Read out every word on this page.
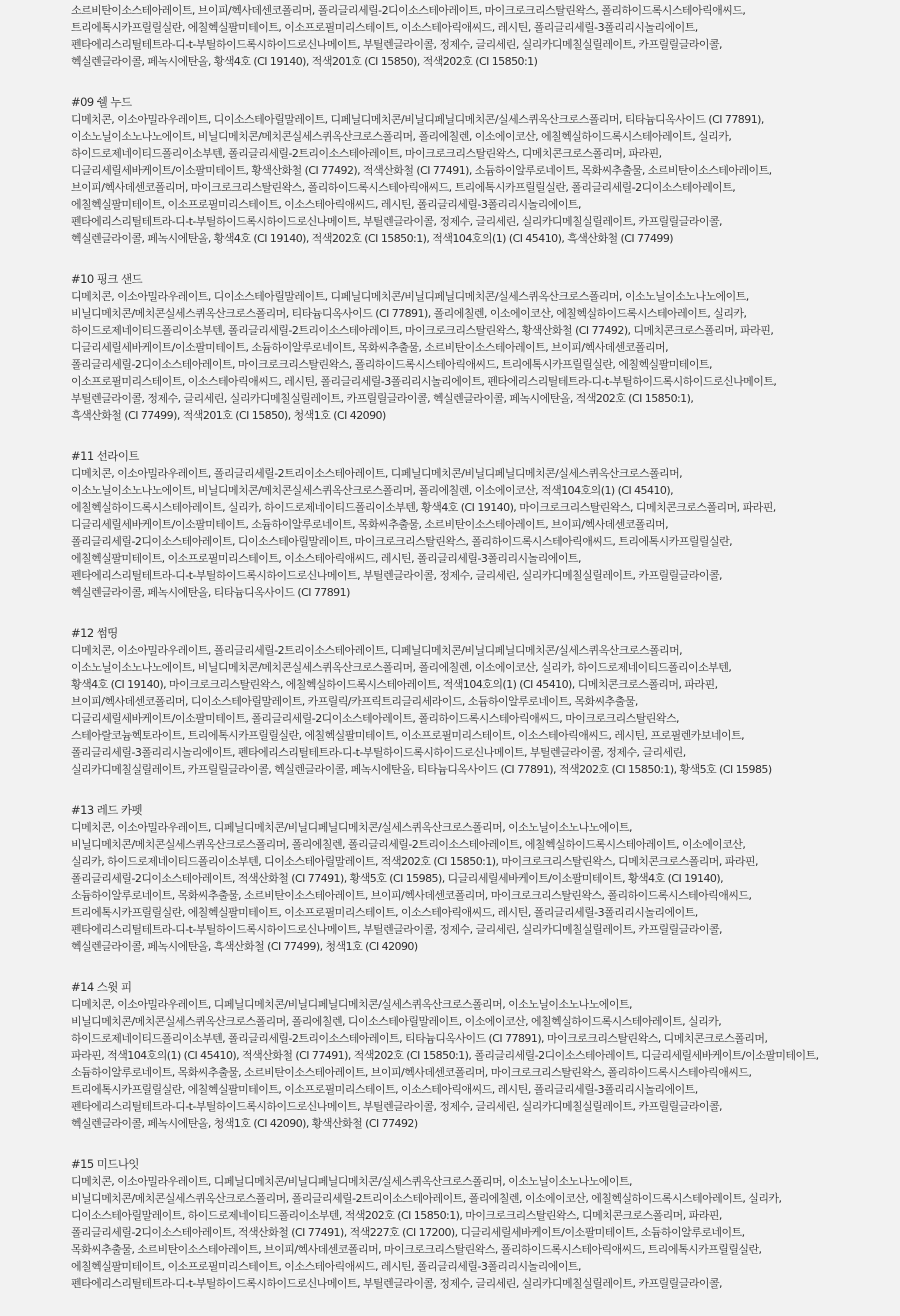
소르비탄이소스테아레이트, 브이피/헥사데센코폴리머, 폴리글리세릴-2디이소스테아레이트, 마이크로크리스탈린왁스, 폴리하이드록시스테아릭애씨드,
트리에톡시카프릴릴실란, 에칠헥실팔미테이트, 이소프로필미리스테이트, 이소스테아릭애씨드, 레시틴, 폴리글리세릴-3폴리리시놀리에이트,
펜타에리스리틸테트라-디-t-부틸하이드록시하이드로신나메이트, 부틸렌글라이콜, 정제수, 글리세린, 실리카디메칠실릴레이트, 카프릴릴글라이콜,
헥실렌글라이콜, 페녹시에탄올, 황색4호 (CI 19140), 적색201호 (CI 15850), 적색202호 (CI 15850:1)
#09 쉘 누드
디메치콘, 이소아밀라우레이트, 디이소스테아릴말레이트, 디페닐디메치콘/비닐디페닐디메치콘/실세스퀴옥산크로스폴리머, 티타늄디옥사이드 (CI 77891),
이소노닐이소노나노에이트, 비닐디메치콘/메치콘실세스퀴옥산크로스폴리머, 폴리에칠렌, 이소에이코산, 에칠헥실하이드록시스테아레이트, 실리카,
하이드로제네이티드폴리이소부텐, 폴리글리세릴-2트리이소스테아레이트, 마이크로크리스탈린왁스, 디메치콘크로스폴리머, 파라핀,
디글리세릴세바케이트/이소팔미테이트, 황색산화철 (CI 77492), 적색산화철 (CI 77491), 소듐하이알루로네이트, 목화씨추출물, 소르비탄이소스테아레이트,
브이피/헥사데센코폴리머, 마이크로크리스탈린왁스, 폴리하이드록시스테아릭애씨드, 트리에톡시카프릴릴실란, 폴리글리세릴-2디이소스테아레이트,
에칠헥실팔미테이트, 이소프로필미리스테이트, 이소스테아릭애씨드, 레시틴, 폴리글리세릴-3폴리리시놀리에이트,
펜타에리스리틸테트라-디-t-부틸하이드록시하이드로신나메이트, 부틸렌글라이콜, 정제수, 글리세린, 실리카디메칠실릴레이트, 카프릴릴글라이콜,
헥실렌글라이콜, 페녹시에탄올, 황색4호 (CI 19140), 적색202호 (CI 15850:1), 적색104호의(1) (CI 45410), 흑색산화철 (CI 77499)
#10 핑크 샌드
디메치콘, 이소아밀라우레이트, 디이소스테아릴말레이트, 디페닐디메치콘/비닐디페닐디메치콘/실세스퀴옥산크로스폴리머, 이소노닐이소노나노에이트,
비닐디메치콘/메치콘실세스퀴옥산크로스폴리머, 티타늄디옥사이드 (CI 77891), 폴리에칠렌, 이소에이코산, 에칠헥실하이드록시스테아레이트, 실리카,
하이드로제네이티드폴리이소부텐, 폴리글리세릴-2트리이소스테아레이트, 마이크로크리스탈린왁스, 황색산화철 (CI 77492), 디메치콘크로스폴리머, 파라핀,
디글리세릴세바케이트/이소팔미테이트, 소듐하이알루로네이트, 목화씨추출물, 소르비탄이소스테아레이트, 브이피/헥사데센코폴리머,
폴리글리세릴-2디이소스테아레이트, 마이크로크리스탈린왁스, 폴리하이드록시스테아릭애씨드, 트리에톡시카프릴릴실란, 에칠헥실팔미테이트,
이소프로필미리스테이트, 이소스테아릭애씨드, 레시틴, 폴리글리세릴-3폴리리시놀리에이트, 펜타에리스리틸테트라-디-t-부틸하이드록시하이드로신나메이트,
부틸렌글라이콜, 정제수, 글리세린, 실리카디메칠실릴레이트, 카프릴릴글라이콜, 헥실렌글라이콜, 페녹시에탄올, 적색202호 (CI 15850:1),
흑색산화철 (CI 77499), 적색201호 (CI 15850), 청색1호 (CI 42090)
#11 선라이트
디메치콘, 이소아밀라우레이트, 폴리글리세릴-2트리이소스테아레이트, 디페닐디메치콘/비닐디페닐디메치콘/실세스퀴옥산크로스폴리머,
이소노닐이소노나노에이트, 비닐디메치콘/메치콘실세스퀴옥산크로스폴리머, 폴리에칠렌, 이소에이코산, 적색104호의(1) (CI 45410),
에칠헥실하이드록시스테아레이트, 실리카, 하이드로제네이티드폴리이소부텐, 황색4호 (CI 19140), 마이크로크리스탈린왁스, 디메치콘크로스폴리머, 파라핀,
디글리세릴세바케이트/이소팔미테이트, 소듐하이알루로네이트, 목화씨추출물, 소르비탄이소스테아레이트, 브이피/헥사데센코폴리머,
폴리글리세릴-2디이소스테아레이트, 디이소스테아릴말레이트, 마이크로크리스탈린왁스, 폴리하이드록시스테아릭애씨드, 트리에톡시카프릴릴실란,
에칠헥실팔미테이트, 이소프로필미리스테이트, 이소스테아릭애씨드, 레시틴, 폴리글리세릴-3폴리리시놀리에이트,
펜타에리스리틸테트라-디-t-부틸하이드록시하이드로신나메이트, 부틸렌글라이콜, 정제수, 글리세린, 실리카디메칠실릴레이트, 카프릴릴글라이콜,
헥실렌글라이콜, 페녹시에탄올, 티타늄디옥사이드 (CI 77891)
#12 썸띵
디메치콘, 이소아밀라우레이트, 폴리글리세릴-2트리이소스테아레이트, 디페닐디메치콘/비닐디페닐디메치콘/실세스퀴옥산크로스폴리머,
이소노닐이소노나노에이트, 비닐디메치콘/메치콘실세스퀴옥산크로스폴리머, 폴리에칠렌, 이소에이코산, 실리카, 하이드로제네이티드폴리이소부텐,
황색4호 (CI 19140), 마이크로크리스탈린왁스, 에칠헥실하이드록시스테아레이트, 적색104호의(1) (CI 45410), 디메치콘크로스폴리머, 파라핀,
브이피/헥사데센코폴리머, 디이소스테아릴말레이트, 카프릴릭/카프릭트리글리세라이드, 소듐하이알루로네이트, 목화씨추출물,
디글리세릴세바케이트/이소팔미테이트, 폴리글리세릴-2디이소스테아레이트, 폴리하이드록시스테아릭애씨드, 마이크로크리스탈린왁스,
스테아랄코늄헥토라이트, 트리에톡시카프릴릴실란, 에칠헥실팔미테이트, 이소프로필미리스테이트, 이소스테아릭애씨드, 레시틴, 프로필렌카보네이트,
폴리글리세릴-3폴리리시놀리에이트, 펜타에리스리틸테트라-디-t-부틸하이드록시하이드로신나메이트, 부틸렌글라이콜, 정제수, 글리세린,
실리카디메칠실릴레이트, 카프릴릴글라이콜, 헥실렌글라이콜, 페녹시에탄올, 티타늄디옥사이드 (CI 77891), 적색202호 (CI 15850:1), 황색5호 (CI 15985)
#13 레드 카펫
디메치콘, 이소아밀라우레이트, 디페닐디메치콘/비닐디페닐디메치콘/실세스퀴옥산크로스폴리머, 이소노닐이소노나노에이트,
비닐디메치콘/메치콘실세스퀴옥산크로스폴리머, 폴리에칠렌, 폴리글리세릴-2트리이소스테아레이트, 에칠헥실하이드록시스테아레이트, 이소에이코산,
실리카, 하이드로제네이티드폴리이소부텐, 디이소스테아릴말레이트, 적색202호 (CI 15850:1), 마이크로크리스탈린왁스, 디메치콘크로스폴리머, 파라핀,
폴리글리세릴-2디이소스테아레이트, 적색산화철 (CI 77491), 황색5호 (CI 15985), 디글리세릴세바케이트/이소팔미테이트, 황색4호 (CI 19140),
소듐하이알루로네이트, 목화씨추출물, 소르비탄이소스테아레이트, 브이피/헥사데센코폴리머, 마이크로크리스탈린왁스, 폴리하이드록시스테아릭애씨드,
트리에톡시카프릴릴실란, 에칠헥실팔미테이트, 이소프로필미리스테이트, 이소스테아릭애씨드, 레시틴, 폴리글리세릴-3폴리리시놀리에이트,
펜타에리스리틸테트라-디-t-부틸하이드록시하이드로신나메이트, 부틸렌글라이콜, 정제수, 글리세린, 실리카디메칠실릴레이트, 카프릴릴글라이콜,
헥실렌글라이콜, 페녹시에탄올, 흑색산화철 (CI 77499), 청색1호 (CI 42090)
#14 스윗 피
디메치콘, 이소아밀라우레이트, 디페닐디메치콘/비닐디페닐디메치콘/실세스퀴옥산크로스폴리머, 이소노닐이소노나노에이트,
비닐디메치콘/메치콘실세스퀴옥산크로스폴리머, 폴리에칠렌, 디이소스테아릴말레이트, 이소에이코산, 에칠헥실하이드록시스테아레이트, 실리카,
하이드로제네이티드폴리이소부텐, 폴리글리세릴-2트리이소스테아레이트, 티타늄디옥사이드 (CI 77891), 마이크로크리스탈린왁스, 디메치콘크로스폴리머,
파라핀, 적색104호의(1) (CI 45410), 적색산화철 (CI 77491), 적색202호 (CI 15850:1), 폴리글리세릴-2디이소스테아레이트, 디글리세릴세바케이트/이소팔미테이트,
소듐하이알루로네이트, 목화씨추출물, 소르비탄이소스테아레이트, 브이피/헥사데센코폴리머, 마이크로크리스탈린왁스, 폴리하이드록시스테아릭애씨드,
트리에톡시카프릴릴실란, 에칠헥실팔미테이트, 이소프로필미리스테이트, 이소스테아릭애씨드, 레시틴, 폴리글리세릴-3폴리리시놀리에이트,
펜타에리스리틸테트라-디-t-부틸하이드록시하이드로신나메이트, 부틸렌글라이콜, 정제수, 글리세린, 실리카디메칠실릴레이트, 카프릴릴글라이콜,
헥실렌글라이콜, 페녹시에탄올, 청색1호 (CI 42090), 황색산화철 (CI 77492)
#15 미드나잇
디메치콘, 이소아밀라우레이트, 디페닐디메치콘/비닐디페닐디메치콘/실세스퀴옥산크로스폴리머, 이소노닐이소노나노에이트,
비닐디메치콘/메치콘실세스퀴옥산크로스폴리머, 폴리글리세릴-2트리이소스테아레이트, 폴리에칠렌, 이소에이코산, 에칠헥실하이드록시스테아레이트, 실리카,
디이소스테아릴말레이트, 하이드로제네이티드폴리이소부텐, 적색202호 (CI 15850:1), 마이크로크리스탈린왁스, 디메치콘크로스폴리머, 파라핀,
폴리글리세릴-2디이소스테아레이트, 적색산화철 (CI 77491), 적색227호 (CI 17200), 디글리세릴세바케이트/이소팔미테이트, 소듐하이알루로네이트,
목화씨추출물, 소르비탄이소스테아레이트, 브이피/헥사데센코폴리머, 마이크로크리스탈린왁스, 폴리하이드록시스테아릭애씨드, 트리에톡시카프릴릴실란,
에칠헥실팔미테이트, 이소프로필미리스테이트, 이소스테아릭애씨드, 레시틴, 폴리글리세릴-3폴리리시놀리에이트,
펜타에리스리틸테트라-디-t-부틸하이드록시하이드로신나메이트, 부틸렌글라이콜, 정제수, 글리세린, 실리카디메칠실릴레이트, 카프릴릴글라이콜,
